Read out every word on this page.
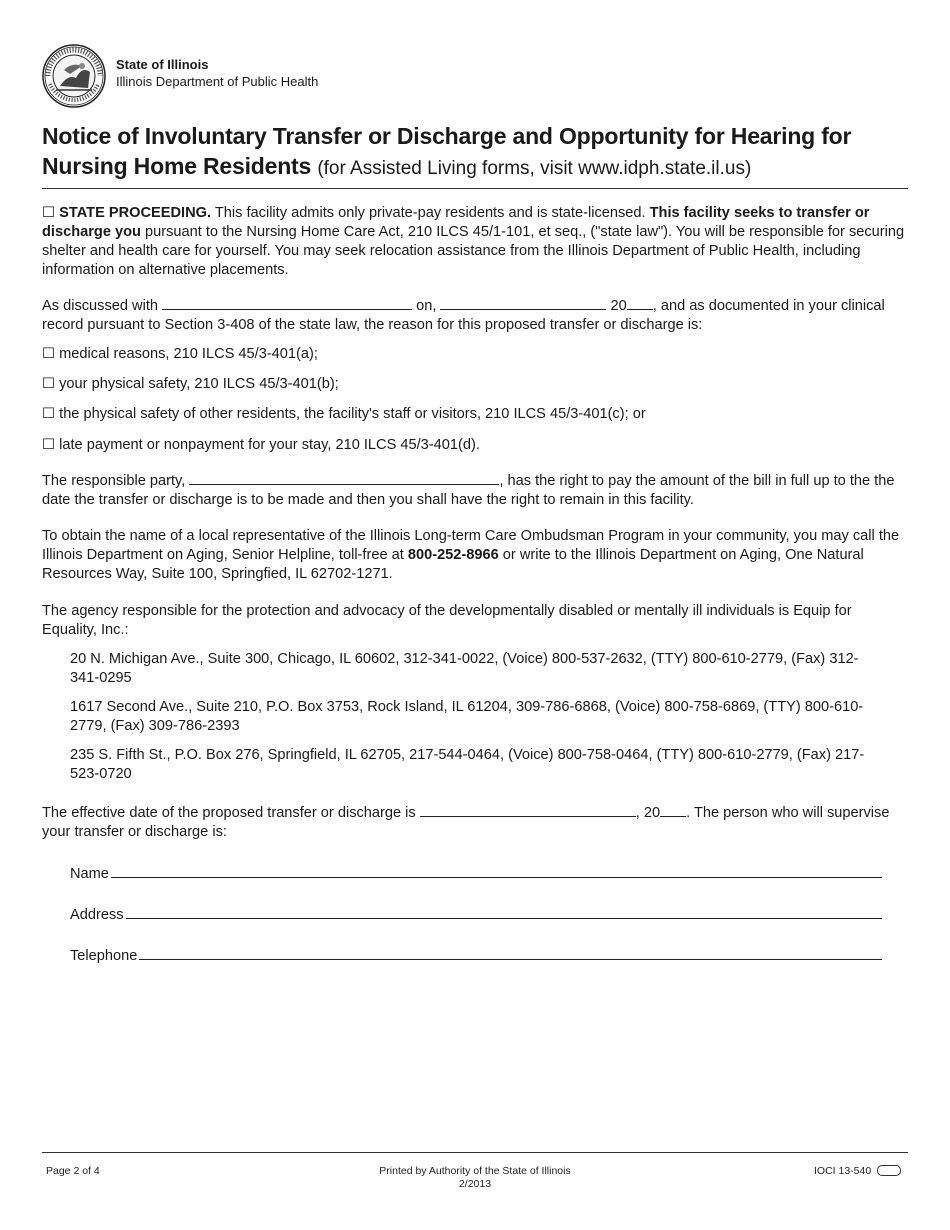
State of Illinois
Illinois Department of Public Health
Notice of Involuntary Transfer or Discharge and Opportunity for Hearing for Nursing Home Residents (for Assisted Living forms, visit www.idph.state.il.us)
☐ STATE PROCEEDING. This facility admits only private-pay residents and is state-licensed. This facility seeks to transfer or discharge you pursuant to the Nursing Home Care Act, 210 ILCS 45/1-101, et seq., ("state law"). You will be responsible for securing shelter and health care for yourself. You may seek relocation assistance from the Illinois Department of Public Health, including information on alternative placements.
As discussed with	on,	20 , and as documented in your clinical record pursuant to Section 3-408 of the state law, the reason for this proposed transfer or discharge is:
☐ medical reasons, 210 ILCS 45/3-401(a);
☐ your physical safety, 210 ILCS 45/3-401(b);
☐ the physical safety of other residents, the facility's staff or visitors, 210 ILCS 45/3-401(c); or
☐ late payment or nonpayment for your stay, 210 ILCS 45/3-401(d).
The responsible party,	, has the right to pay the amount of the bill in full up to the the date the transfer or discharge is to be made and then you shall have the right to remain in this facility.
To obtain the name of a local representative of the Illinois Long-term Care Ombudsman Program in your community, you may call the Illinois Department on Aging, Senior Helpline, toll-free at 800-252-8966 or write to the Illinois Department on Aging, One Natural Resources Way, Suite 100, Springfied, IL 62702-1271.
The agency responsible for the protection and advocacy of the developmentally disabled or mentally ill individuals is Equip for Equality, Inc.:
20 N. Michigan Ave., Suite 300, Chicago, IL 60602, 312-341-0022, (Voice) 800-537-2632, (TTY) 800-610-2779, (Fax) 312-341-0295
1617 Second Ave., Suite 210, P.O. Box 3753, Rock Island, IL 61204, 309-786-6868, (Voice) 800-758-6869, (TTY) 800-610-2779, (Fax) 309-786-2393
235 S. Fifth St., P.O. Box 276, Springfield, IL 62705, 217-544-0464, (Voice) 800-758-0464, (TTY) 800-610-2779, (Fax) 217-523-0720
The effective date of the proposed transfer or discharge is	, 20 . The person who will supervise your transfer or discharge is:
Name
Address
Telephone
Page 2 of 4	Printed by Authority of the State of Illinois
2/2013
IOCI 13-540
